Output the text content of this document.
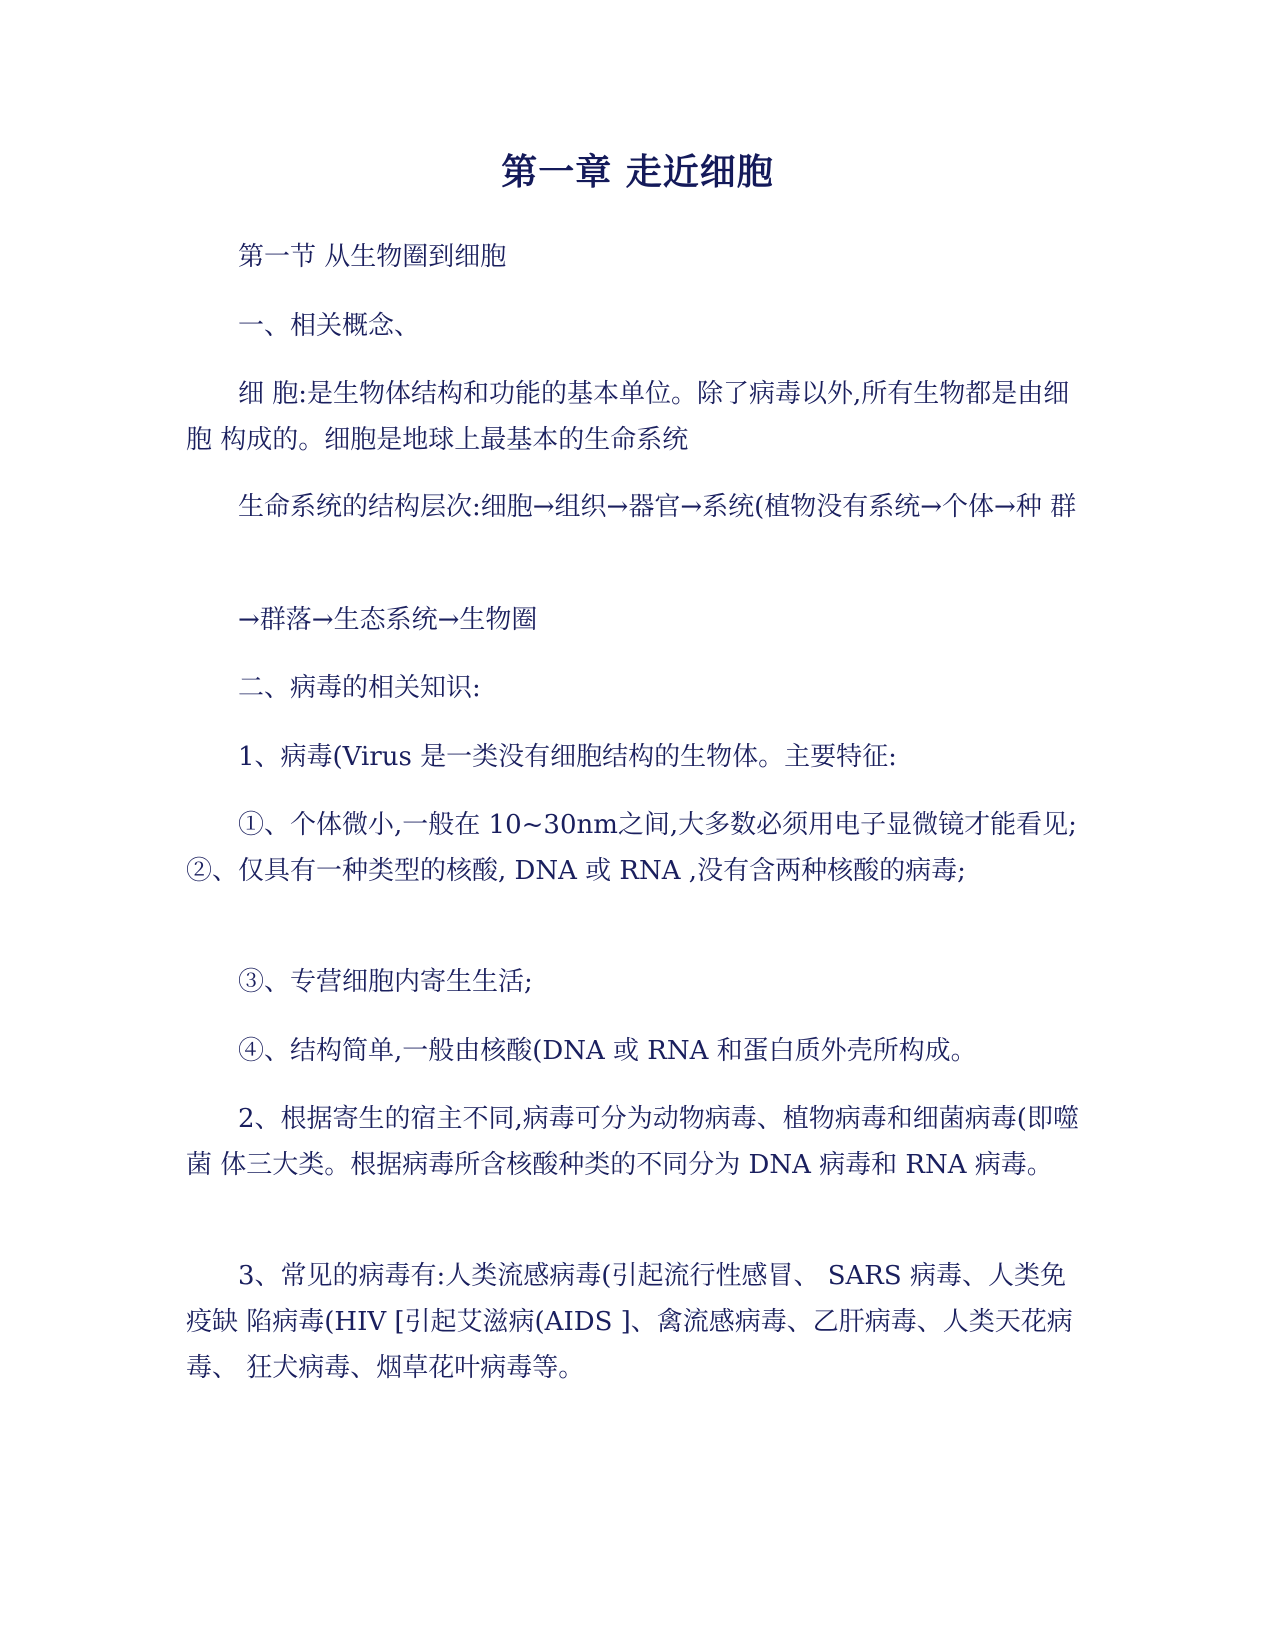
第一章 走近细胞

第一节 从生物圈到细胞

一、相关概念、

细 胞:是生物体结构和功能的基本单位。除了病毒以外,所有生物都是由细胞 构成的。细胞是地球上最基本的生命系统

生命系统的结构层次:细胞→组织→器官→系统(植物没有系统→个体→种 群

→群落→生态系统→生物圈

二、病毒的相关知识:

1、病毒(Virus 是一类没有细胞结构的生物体。主要特征:

①、个体微小,一般在 10~30nm之间,大多数必须用电子显微镜才能看见; ②、仅具有一种类型的核酸, DNA 或 RNA ,没有含两种核酸的病毒;

③、专营细胞内寄生生活;

④、结构简单,一般由核酸(DNA 或 RNA 和蛋白质外壳所构成。

2、根据寄生的宿主不同,病毒可分为动物病毒、植物病毒和细菌病毒(即噬菌 体三大类。根据病毒所含核酸种类的不同分为 DNA 病毒和 RNA 病毒。

3、常见的病毒有:人类流感病毒(引起流行性感冒、 SARS 病毒、人类免疫缺 陷病毒(HIV [引起艾滋病(AIDS ]、禽流感病毒、乙肝病毒、人类天花病毒、 狂犬病毒、烟草花叶病毒等。
